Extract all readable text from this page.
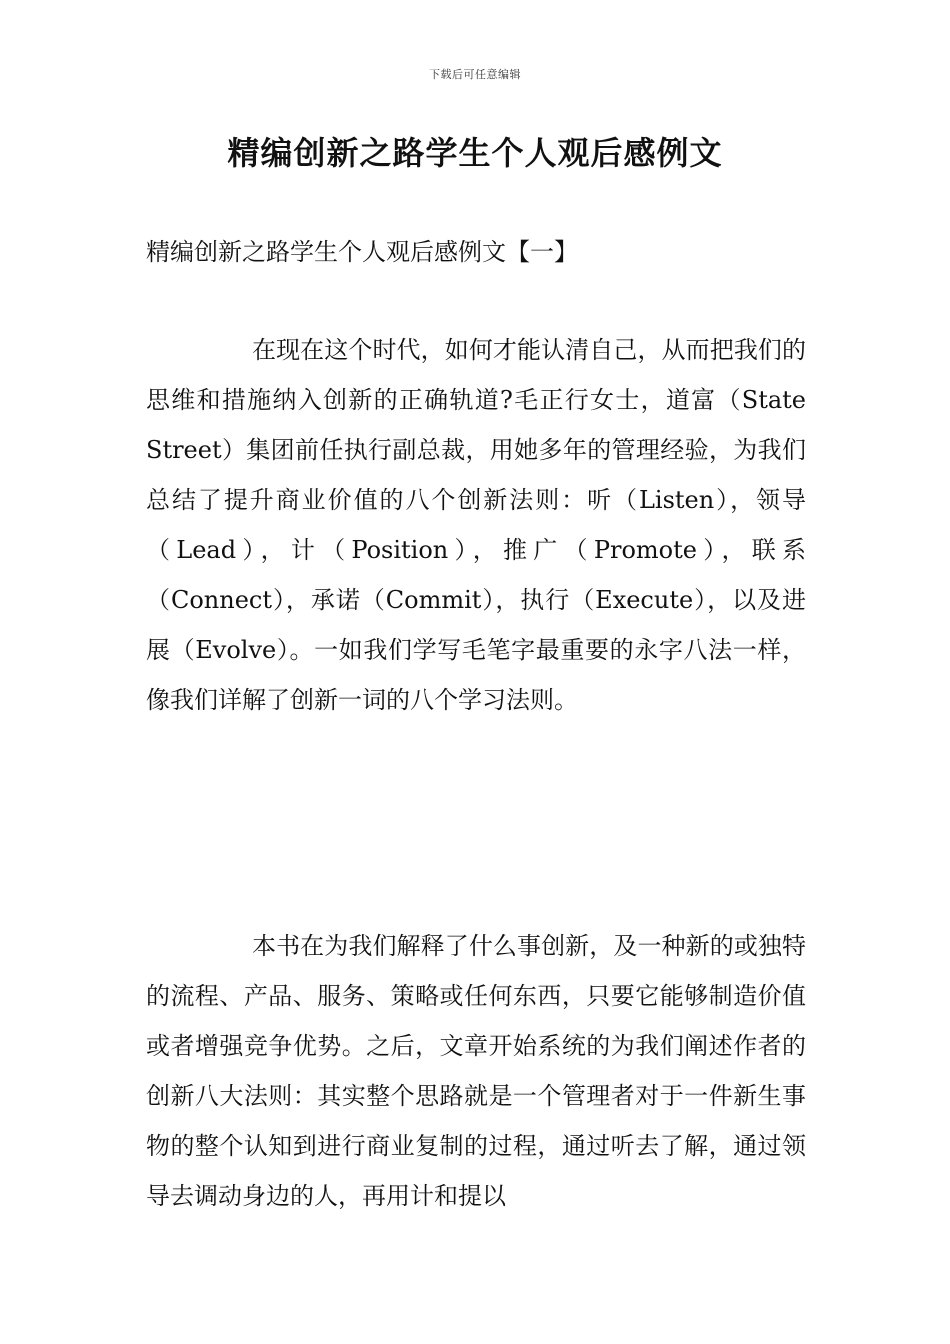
下载后可任意编辑
精编创新之路学生个人观后感例文
精编创新之路学生个人观后感例文【一】

在现在这个时代，如何才能认清自己，从而把我们的思维和措施纳入创新的正确轨道?毛正行女士，道富（State Street）集团前任执行副总裁，用她多年的管理经验，为我们总结了提升商业价值的八个创新法则：听（Listen），领导（Lead），计（Position），推广（Promote），联系（Connect），承诺（Commit），执行（Execute），以及进展（Evolve）。一如我们学写毛笔字最重要的永字八法一样，像我们详解了创新一词的八个学习法则。

本书在为我们解释了什么事创新，及一种新的或独特的流程、产品、服务、策略或任何东西，只要它能够制造价值或者增强竞争优势。之后，文章开始系统的为我们阐述作者的创新八大法则：其实整个思路就是一个管理者对于一件新生事物的整个认知到进行商业复制的过程，通过听去了解，通过领导去调动身边的人，再用计和提以
